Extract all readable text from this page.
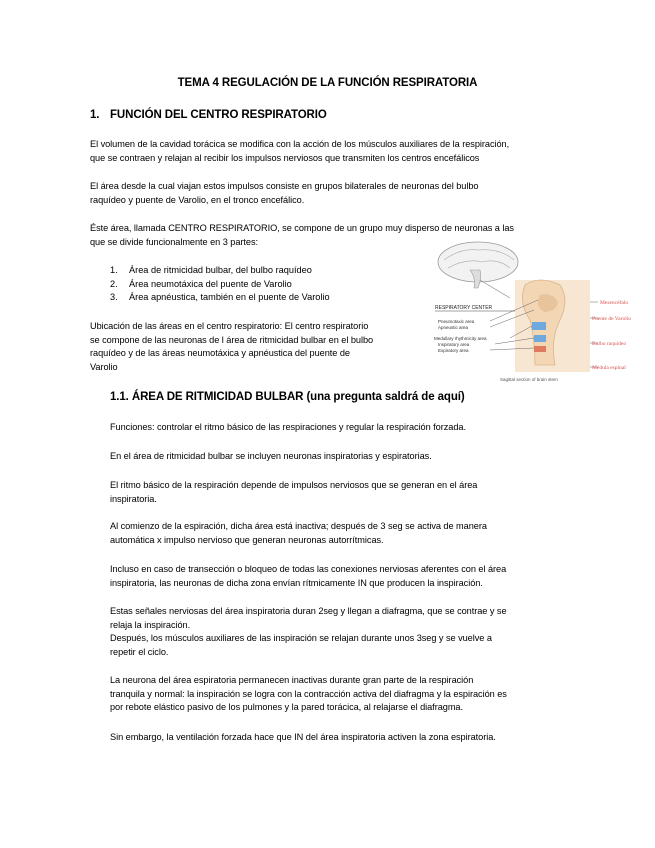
TEMA 4 REGULACIÓN DE LA FUNCIÓN RESPIRATORIA
1. FUNCIÓN DEL CENTRO RESPIRATORIO
El volumen de la cavidad torácica se modifica con la acción de los músculos auxiliares de la respiración,
que se contraen y relajan al recibir los impulsos nerviosos que transmiten los centros encefálicos
El área desde la cual viajan estos impulsos consiste en grupos bilaterales de neuronas del bulbo
raquídeo y puente de Varolio, en el tronco encefálico.
Éste área, llamada CENTRO RESPIRATORIO, se compone de un grupo muy disperso de neuronas a las
que se divide funcionalmente en 3 partes:
1. Área de ritmicidad bulbar, del bulbo raquídeo
2. Área neumotáxica del puente de Varolio
3. Área apnéustica, también en el puente de Varolio
Ubicación de las áreas en el centro respiratorio: El centro respiratorio
se compone de las neuronas de l área de ritmicidad bulbar en el bulbo
raquídeo y de las áreas neumotáxica y apnéustica del puente de
Varolio
RESPIRATORY CENTER
Pneumotaxic area
Apneustic area
Medullary rhythmicity area
Inspiratory area
Expiratory area
Mesencéfalo
Puente de Varolio
Bulbo raquídeo
Médula espinal
Sagittal section of brain stem
1.1. ÁREA DE RITMICIDAD BULBAR (una pregunta saldrá de aquí)
Funciones: controlar el ritmo básico de las respiraciones y regular la respiración forzada.
En el área de ritmicidad bulbar se incluyen neuronas inspiratorias y espiratorias.
El ritmo básico de la respiración depende de impulsos nerviosos que se generan en el área
inspiratoria.
Al comienzo de la espiración, dicha área está inactiva; después de 3 seg se activa de manera
automática x impulso nervioso que generan neuronas autorrítmicas.
Incluso en caso de transección o bloqueo de todas las conexiones nerviosas aferentes con el área
inspiratoria, las neuronas de dicha zona envían rítmicamente IN que producen la inspiración.
Estas señales nerviosas del área inspiratoria duran 2seg y llegan a diafragma, que se contrae y se
relaja la inspiración.
Después, los músculos auxiliares de las inspiración se relajan durante unos 3seg y se vuelve a
repetir el ciclo.
La neurona del área espiratoria permanecen inactivas durante gran parte de la respiración
tranquila y normal: la inspiración se logra con la contracción activa del diafragma y la espiración es
por rebote elástico pasivo de los pulmones y la pared torácica, al relajarse el diafragma.
Sin embargo, la ventilación forzada hace que IN del área inspiratoria activen la zona espiratoria.
